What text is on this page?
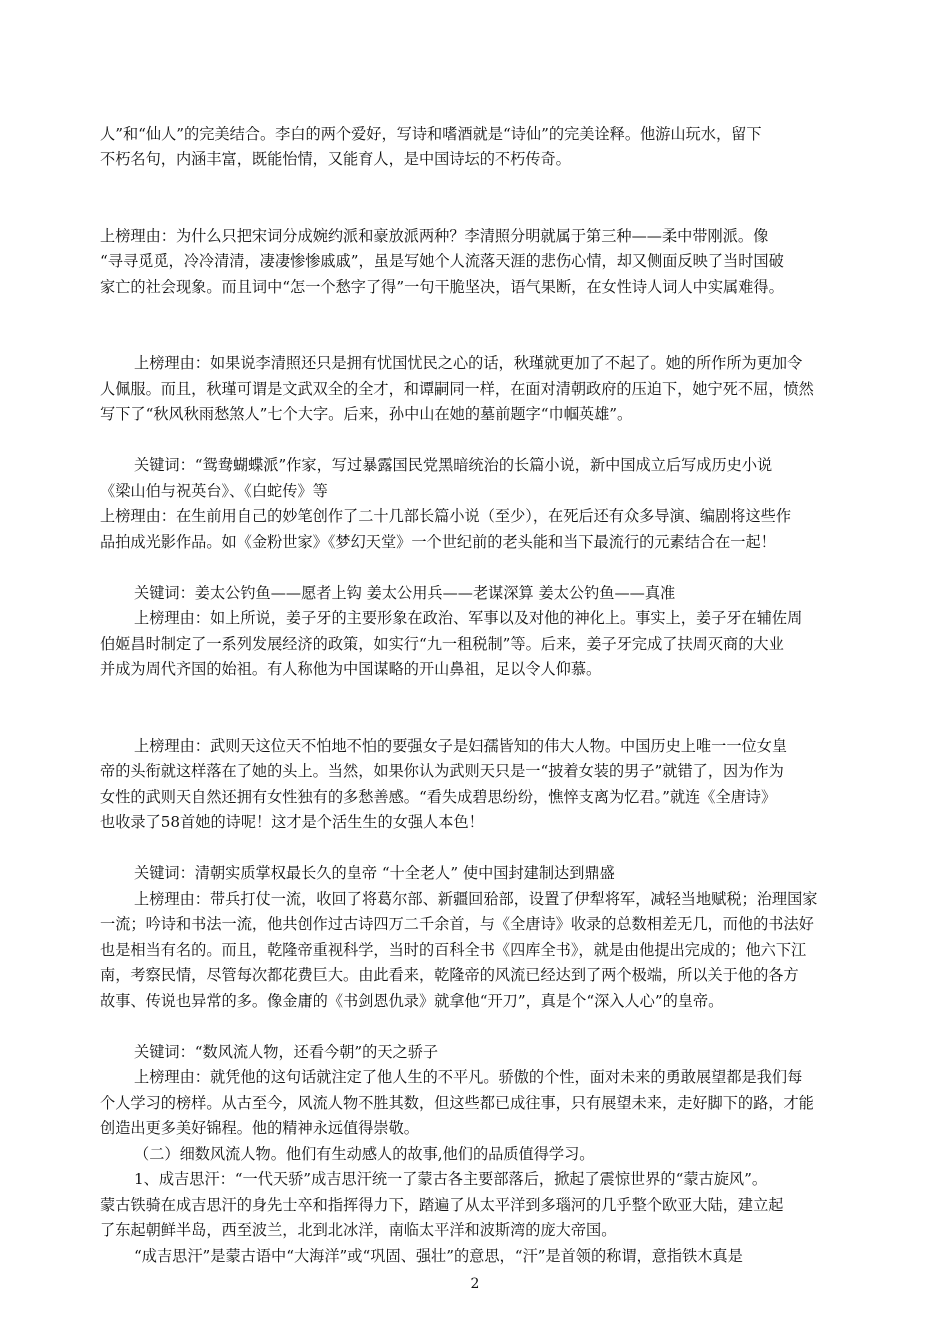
人”和“仙人”的完美结合。李白的两个爱好，写诗和嗜酒就是“诗仙”的完美诠释。他游山玩水，留下
不朽名句，内涵丰富，既能怡情，又能育人，是中国诗坛的不朽传奇。
上榜理由：为什么只把宋词分成婉约派和豪放派两种？李清照分明就属于第三种——柔中带刚派。像
“寻寻觅觅，冷冷清清，凄凄惨惨戚戚”，虽是写她个人流落天涯的悲伤心情，却又侧面反映了当时国破
家亡的社会现象。而且词中“怎一个愁字了得”一句干脆坚决，语气果断，在女性诗人词人中实属难得。
上榜理由：如果说李清照还只是拥有忧国忧民之心的话，秋瑾就更加了不起了。她的所作所为更加令
人佩服。而且，秋瑾可谓是文武双全的全才，和谭嗣同一样，在面对清朝政府的压迫下，她宁死不屈，愤然
写下了“秋风秋雨愁煞人”七个大字。后来，孙中山在她的墓前题字“巾帼英雄”。
关键词：“鸳鸯蝴蝶派”作家，写过暴露国民党黑暗统治的长篇小说，新中国成立后写成历史小说
《梁山伯与祝英台》、《白蛇传》等
上榜理由：在生前用自己的妙笔创作了二十几部长篇小说（至少），在死后还有众多导演、编剧将这些作
品拍成光影作品。如《金粉世家》《梦幻天堂》一个世纪前的老头能和当下最流行的元素结合在一起！
关键词：姜太公钓鱼——愿者上钩 姜太公用兵——老谋深算 姜太公钓鱼——真准
上榜理由：如上所说，姜子牙的主要形象在政治、军事以及对他的神化上。事实上，姜子牙在辅佐周
伯姬昌时制定了一系列发展经济的政策，如实行“九一租税制”等。后来，姜子牙完成了扶周灭商的大业
并成为周代齐国的始祖。有人称他为中国谋略的开山鼻祖，足以令人仰慕。
上榜理由：武则天这位天不怕地不怕的要强女子是妇孺皆知的伟大人物。中国历史上唯一一位女皇
帝的头衔就这样落在了她的头上。当然，如果你认为武则天只是一“披着女装的男子”就错了，因为作为
女性的武则天自然还拥有女性独有的多愁善感。“看失成碧思纷纷，憔悴支离为忆君。”就连《全唐诗》
也收录了58首她的诗呢！这才是个活生生的女强人本色！
关键词：清朝实质掌权最长久的皇帝 “十全老人” 使中国封建制达到鼎盛
上榜理由：带兵打仗一流，收回了将葛尔部、新疆回𬌗部，设置了伊犁将军，减轻当地赋税；治理国家
一流；吟诗和书法一流，他共创作过古诗四万二千余首，与《全唐诗》收录的总数相差无几，而他的书法好
也是相当有名的。而且，乾隆帝重视科学，当时的百科全书《四库全书》，就是由他提出完成的；他六下江
南，考察民情，尽管每次都花费巨大。由此看来，乾隆帝的风流已经达到了两个极端，所以关于他的各方
故事、传说也异常的多。像金庸的《书剑恩仇录》就拿他“开刀”，真是个“深入人心”的皇帝。
关键词：“数风流人物，还看今朝”的天之骄子
上榜理由：就凭他的这句话就注定了他人生的不平凡。骄傲的个性，面对未来的勇敢展望都是我们每
个人学习的榜样。从古至今，风流人物不胜其数，但这些都已成往事，只有展望未来，走好脚下的路，才能
创造出更多美好锦程。他的精神永远值得崇敬。
（二）细数风流人物。他们有生动感人的故事,他们的品质值得学习。
1、成吉思汗：“一代天骄”成吉思汗统一了蒙古各主要部落后，掀起了震惊世界的“蒙古旋风”。
蒙古铁骑在成吉思汗的身先士卒和指挥得力下，踏遍了从太平洋到多瑙河的几乎整个欧亚大陆，建立起
了东起朝鲜半岛，西至波兰，北到北冰洋，南临太平洋和波斯湾的庞大帝国。
“成吉思汗”是蒙古语中“大海洋”或“巩固、强壮”的意思，“汗”是首领的称谓，意指铁木真是
2
